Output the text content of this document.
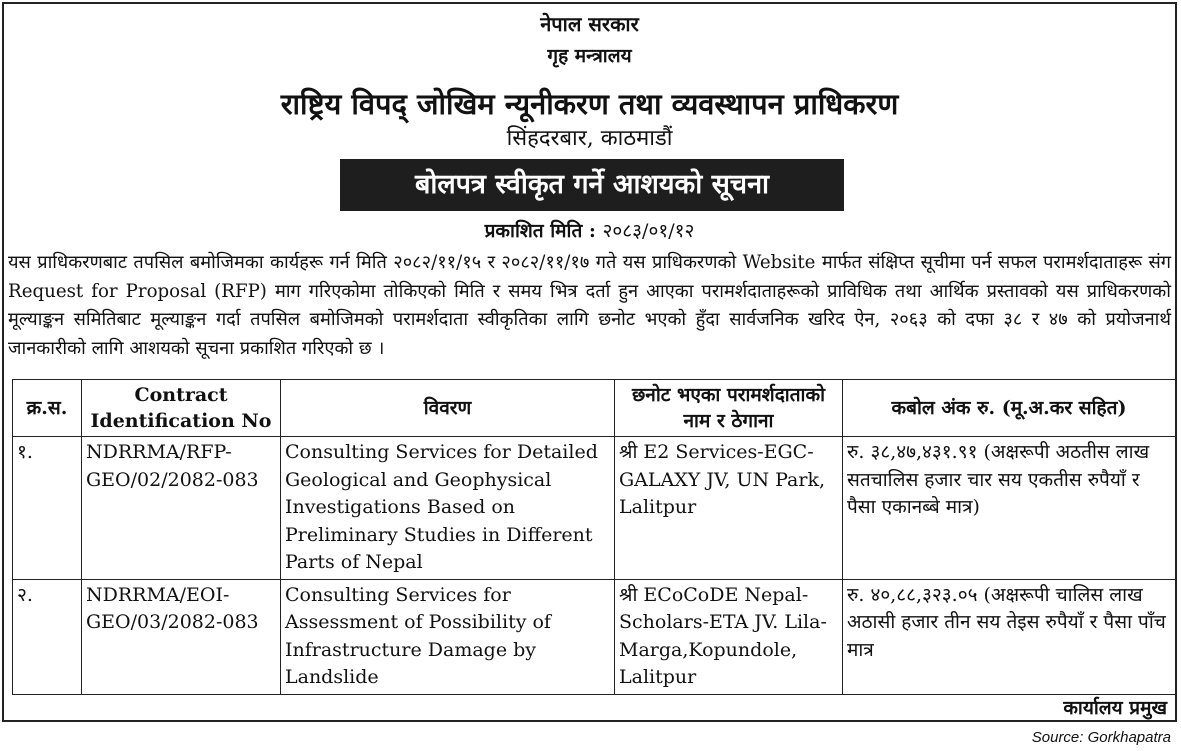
नेपाल सरकार
गृह मन्त्रालय
राष्ट्रिय विपद् जोखिम न्यूनीकरण तथा व्यवस्थापन प्राधिकरण
सिंहदरबार, काठमाडौं
बोलपत्र स्वीकृत गर्ने आशयको सूचना
प्रकाशित मिति : २०८३/०१/१२
यस प्राधिकरणबाट तपसिल बमोजिमका कार्यहरू गर्न मिति २०८२/११/१५ र २०८२/११/१७ गते यस प्राधिकरणको Website मार्फत संक्षिप्त सूचीमा पर्न सफल परामर्शदाताहरू संग Request for Proposal (RFP) माग गरिएकोमा तोकिएको मिति र समय भित्र दर्ता हुन आएका परामर्शदाताहरूको प्राविधिक तथा आर्थिक प्रस्तावको यस प्राधिकरणको मूल्याङ्कन समितिबाट मूल्याङ्कन गर्दा तपसिल बमोजिमको परामर्शदाता स्वीकृतिका लागि छनोट भएको हुँदा सार्वजनिक खरिद ऐन, २०६३ को दफा ३८ र ४७ को प्रयोजनार्थ जानकारीको लागि आशयको सूचना प्रकाशित गरिएको छ ।
क्र.स.	Contract Identification No	विवरण	छनोट भएका परामर्शदाताको नाम र ठेगाना	कबोल अंक रु. (मू.अ.कर सहित)
१.	NDRRMA/RFP-GEO/02/2082-083	Consulting Services for Detailed Geological and Geophysical Investigations Based on Preliminary Studies in Different Parts of Nepal	श्री E2 Services-EGC-GALAXY JV, UN Park, Lalitpur	रु. ३८,४७,४३१.९१ (अक्षरूपी अठतीस लाख सतचालिस हजार चार सय एकतीस रुपैयाँ र पैसा एकानब्बे मात्र)
२.	NDRRMA/EOI-GEO/03/2082-083	Consulting Services for Assessment of Possibility of Infrastructure Damage by Landslide	श्री ECoCoDE Nepal-Scholars-ETA JV. Lila-Marga,Kopundole, Lalitpur	रु. ४०,८८,३२३.०५ (अक्षरूपी चालिस लाख अठासी हजार तीन सय तेइस रुपैयाँ र पैसा पाँच मात्र
कार्यालय प्रमुख
Source: Gorkhapatra
